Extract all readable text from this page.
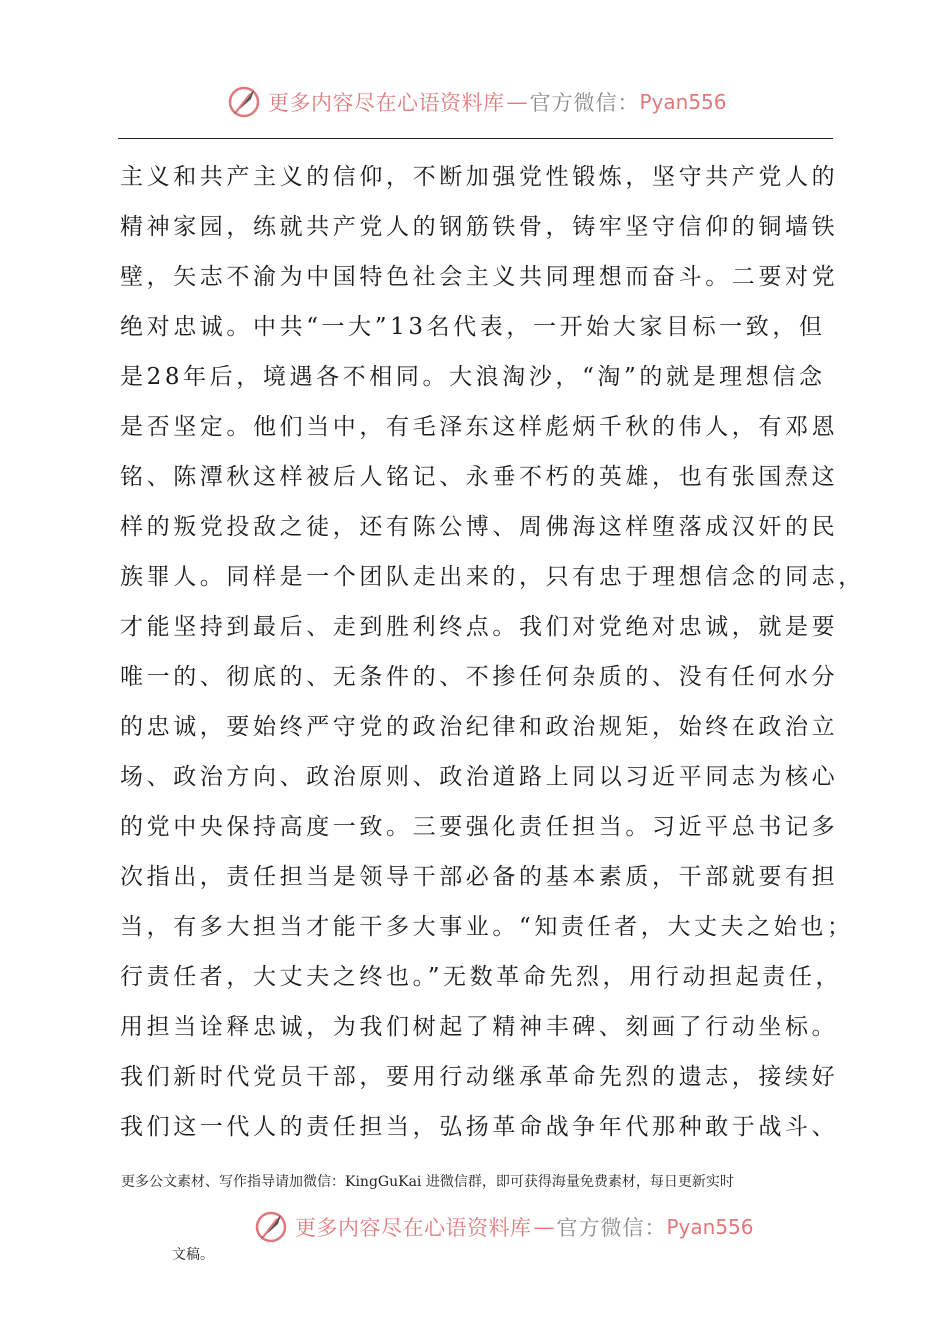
更多内容尽在心语资料库 — 官方微信： Pyan556
主义和共产主义的信仰，不断加强党性锻炼，坚守共产党人的
精神家园，练就共产党人的钢筋铁骨，铸牢坚守信仰的铜墙铁
壁，矢志不渝为中国特色社会主义共同理想而奋斗。二要对党
绝对忠诚。中共“一大”13名代表，一开始大家目标一致，但
是28年后，境遇各不相同。大浪淘沙，“淘”的就是理想信念
是否坚定。他们当中，有毛泽东这样彪炳千秋的伟人，有邓恩
铭、陈潭秋这样被后人铭记、永垂不朽的英雄，也有张国焘这
样的叛党投敌之徒，还有陈公博、周佛海这样堕落成汉奸的民
族罪人。同样是一个团队走出来的，只有忠于理想信念的同志，
才能坚持到最后、走到胜利终点。我们对党绝对忠诚，就是要
唯一的、彻底的、无条件的、不掺任何杂质的、没有任何水分
的忠诚，要始终严守党的政治纪律和政治规矩，始终在政治立
场、政治方向、政治原则、政治道路上同以习近平同志为核心
的党中央保持高度一致。三要强化责任担当。习近平总书记多
次指出，责任担当是领导干部必备的基本素质，干部就要有担
当，有多大担当才能干多大事业。“知责任者，大丈夫之始也；
行责任者，大丈夫之终也。”无数革命先烈，用行动担起责任，
用担当诠释忠诚，为我们树起了精神丰碑、刻画了行动坐标。
我们新时代党员干部，要用行动继承革命先烈的遗志，接续好
我们这一代人的责任担当，弘扬革命战争年代那种敢于战斗、
更多公文素材、写作指导请加微信：KingGuKai 进微信群，即可获得海量免费素材，每日更新实时
更多内容尽在心语资料库 — 官方微信： Pyan556
文稿。
